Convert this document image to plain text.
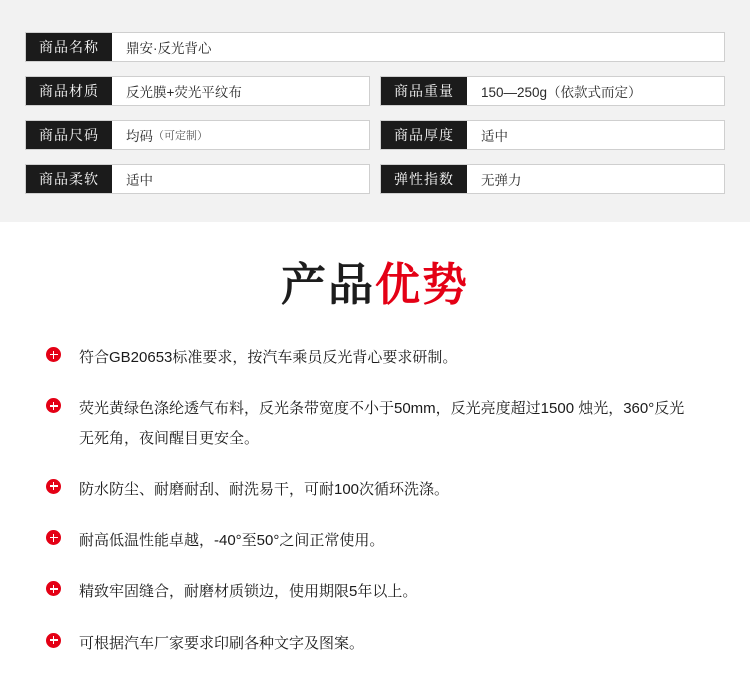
商品名称	鼎安·反光背心
商品材质	反光膜+荧光平纹布	商品重量	150—250g（依款式而定）
商品尺码	均码 （可定制）	商品厚度	适中
商品柔软	适中	弹性指数	无弹力
产品优势
符合GB20653标准要求，按汽车乘员反光背心要求研制。
荧光黄绿色涤纶透气布料，反光条带宽度不小于50mm，反光亮度超过1500 烛光，360°反光无死角，夜间醒目更安全。
防水防尘、耐磨耐刮、耐洗易干，可耐100次循环洗涤。
耐高低温性能卓越，-40°至50°之间正常使用。
精致牢固缝合，耐磨材质锁边，使用期限5年以上。
可根据汽车厂家要求印刷各种文字及图案。
